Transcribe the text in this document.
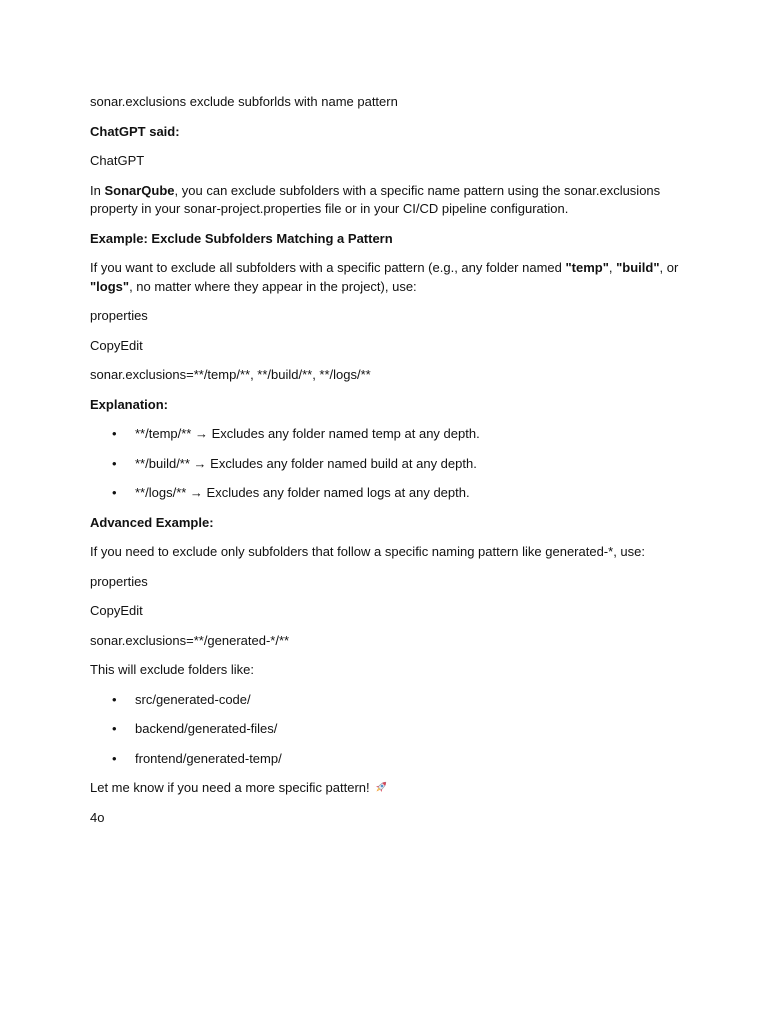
sonar.exclusions exclude subforlds with name pattern

ChatGPT said:

ChatGPT

In SonarQube, you can exclude subfolders with a specific name pattern using the sonar.exclusions property in your sonar-project.properties file or in your CI/CD pipeline configuration.

Example: Exclude Subfolders Matching a Pattern

If you want to exclude all subfolders with a specific pattern (e.g., any folder named "temp", "build", or "logs", no matter where they appear in the project), use:

properties

CopyEdit

sonar.exclusions=**/temp/**, **/build/**, **/logs/**

Explanation:

• **/temp/** → Excludes any folder named temp at any depth.
• **/build/** → Excludes any folder named build at any depth.
• **/logs/** → Excludes any folder named logs at any depth.

Advanced Example:

If you need to exclude only subfolders that follow a specific naming pattern like generated-*, use:

properties

CopyEdit

sonar.exclusions=**/generated-*/**

This will exclude folders like:

• src/generated-code/
• backend/generated-files/
• frontend/generated-temp/

Let me know if you need a more specific pattern!

4o
